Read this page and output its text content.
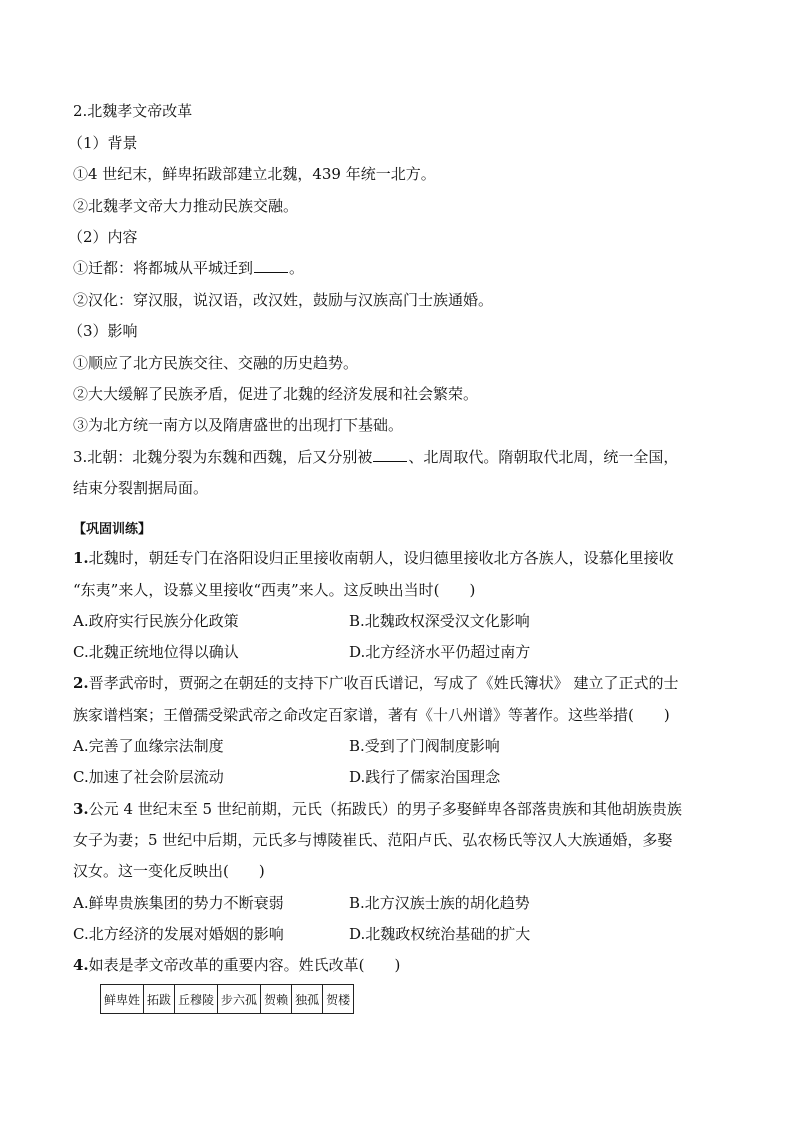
2.北魏孝文帝改革
（1）背景
①4 世纪末，鲜卑拓跋部建立北魏，439 年统一北方。
②北魏孝文帝大力推动民族交融。
（2）内容
①迁都：将都城从平城迁到 。
②汉化：穿汉服，说汉语，改汉姓，鼓励与汉族高门士族通婚。
（3）影响
①顺应了北方民族交往、交融的历史趋势。
②大大缓解了民族矛盾，促进了北魏的经济发展和社会繁荣。
③为北方统一南方以及隋唐盛世的出现打下基础。
3.北朝：北魏分裂为东魏和西魏，后又分别被 、北周取代。隋朝取代北周，统一全国，
结束分裂割据局面。
【巩固训练】
1.北魏时，朝廷专门在洛阳设归正里接收南朝人，设归德里接收北方各族人，设慕化里接收
“东夷”来人，设慕义里接收“西夷”来人。这反映出当时(　　)
A.政府实行民族分化政策	B.北魏政权深受汉文化影响
C.北魏正统地位得以确认	D.北方经济水平仍超过南方
2.晋孝武帝时，贾弼之在朝廷的支持下广收百氏谱记，写成了《姓氏簿状》 建立了正式的士
族家谱档案；王僧孺受梁武帝之命改定百家谱，著有《十八州谱》等著作。这些举措(　　)
A.完善了血缘宗法制度	B.受到了门阀制度影响
C.加速了社会阶层流动	D.践行了儒家治国理念
3.公元 4 世纪末至 5 世纪前期，元氏（拓跋氏）的男子多娶鲜卑各部落贵族和其他胡族贵族
女子为妻；5 世纪中后期，元氏多与博陵崔氏、范阳卢氏、弘农杨氏等汉人大族通婚，多娶
汉女。这一变化反映出(　　)
A.鲜卑贵族集团的势力不断衰弱	B.北方汉族士族的胡化趋势
C.北方经济的发展对婚姻的影响	D.北魏政权统治基础的扩大
4.如表是孝文帝改革的重要内容。姓氏改革(　　)
鲜卑姓	拓跋	丘穆陵	步六孤	贺赖	独孤	贺楼
